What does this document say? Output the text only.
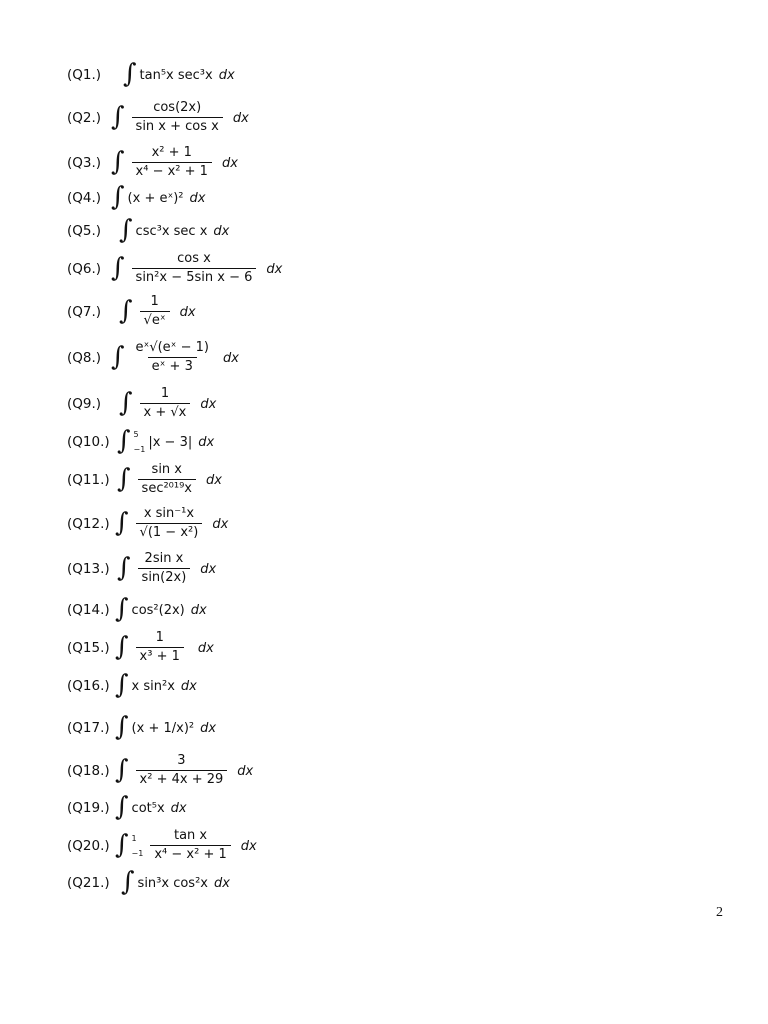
(Q1.) ∫ tan⁵x sec³x dx
(Q2.) ∫ $\frac{\cos(2x)}{\text{sin x + cos x}}$ dx
(Q3.) ∫ $\frac{\text{x² + 1}}{\text{x⁴ − x² + 1}}$ dx
(Q4.) ∫ (x + eˣ)² dx
(Q5.) ∫ csc³x sec x dx
(Q6.) ∫ $\frac{\text{cos x}}{\text{sin²x − 5sin x − 6}}$ dx
(Q7.) ∫ $\frac{1}{\text{√eˣ}}$ dx
(Q8.) ∫ $\frac{\text{eˣ√(eˣ − 1)}}{\text{eˣ + 3}}$ dx
(Q9.) ∫ $\frac{1}{x + √x}$ dx
(Q10.) ∫ 5
−1 |x − 3| dx
(Q11.) ∫ $\frac{\text{sin x}}{\text{sec²⁰¹⁹x}}$ dx
(Q12.) ∫ $\frac{\text{x sin⁻¹x}}{\text{√(1 − x²)}}$ dx
(Q13.) ∫ $\frac{\text{2sin x}}{\sin(2x)}$ dx
(Q14.) ∫ cos²(2x) dx
(Q15.) ∫ $\frac{1}{\text{x³ + 1}}$ dx
(Q16.) ∫ x sin²x dx
(Q17.) ∫ (x + 1/x)² dx
(Q18.) ∫ $\frac{3}{\text{x² + 4x + 29}}$ dx
(Q19.) ∫ cot⁵x dx
(Q20.) ∫ 1
$-1 \frac{\text{tan x}}{\text{x⁴ − x² + 1}}$ dx
(Q21.) ∫ sin³x cos²x dx
2
